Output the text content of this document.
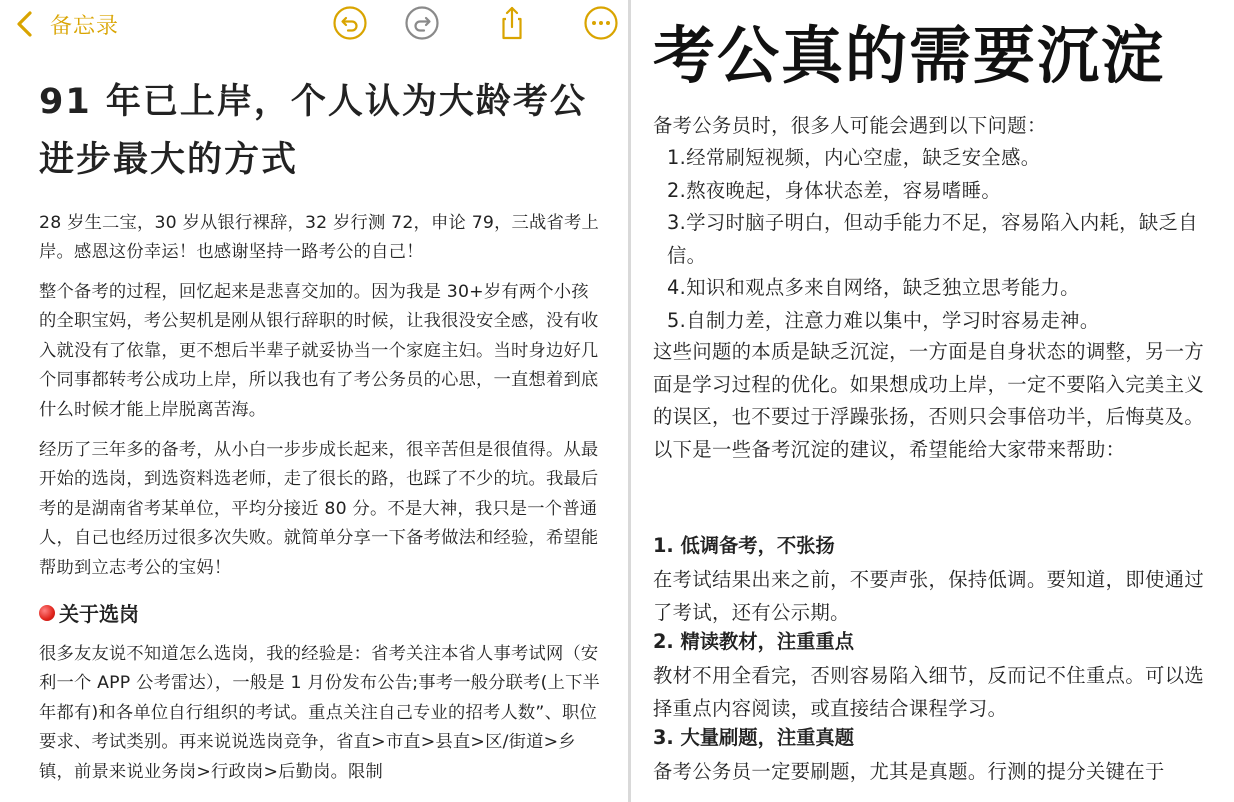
备忘录
91 年已上岸，个人认为大龄考公进步最大的方式

28 岁生二宝，30 岁从银行裸辞，32 岁行测 72，申论 79，三战省考上岸。感恩这份幸运！也感谢坚持一路考公的自己！

整个备考的过程，回忆起来是悲喜交加的。因为我是 30+岁有两个小孩的全职宝妈，考公契机是刚从银行辞职的时候，让我很没安全感，没有收入就没有了依靠，更不想后半辈子就妥协当一个家庭主妇。当时身边好几个同事都转考公成功上岸，所以我也有了考公务员的心思，一直想着到底什么时候才能上岸脱离苦海。

经历了三年多的备考，从小白一步步成长起来，很辛苦但是很值得。从最开始的选岗，到选资料选老师，走了很长的路，也踩了不少的坑。我最后考的是湖南省考某单位，平均分接近 80 分。不是大神，我只是一个普通人，自己也经历过很多次失败。就简单分享一下备考做法和经验，希望能帮助到立志考公的宝妈！

关于选岗

很多友友说不知道怎么选岗，我的经验是：省考关注本省人事考试网（安利一个 APP 公考雷达），一般是 1 月份发布公告;事考一般分联考(上下半年都有)和各单位自行组织的考试。重点关注自己专业的招考人数”、职位要求、考试类别。再来说说选岗竞争，省直>市直>县直>区/街道>乡镇，前景来说业务岗>行政岗>后勤岗。限制

考公真的需要沉淀

备考公务员时，很多人可能会遇到以下问题：

1.经常刷短视频，内心空虚，缺乏安全感。
2.熬夜晚起，身体状态差，容易嗜睡。
3.学习时脑子明白，但动手能力不足，容易陷入内耗，缺乏自信。
4.知识和观点多来自网络，缺乏独立思考能力。
5.自制力差，注意力难以集中，学习时容易走神。

这些问题的本质是缺乏沉淀，一方面是自身状态的调整，另一方面是学习过程的优化。如果想成功上岸，一定不要陷入完美主义的误区，也不要过于浮躁张扬，否则只会事倍功半，后悔莫及。以下是一些备考沉淀的建议，希望能给大家带来帮助：

1. 低调备考，不张扬

在考试结果出来之前，不要声张，保持低调。要知道，即使通过了考试，还有公示期。

2. 精读教材，注重重点

教材不用全看完，否则容易陷入细节，反而记不住重点。可以选择重点内容阅读，或直接结合课程学习。

3. 大量刷题，注重真题

备考公务员一定要刷题，尤其是真题。行测的提分关键在于
